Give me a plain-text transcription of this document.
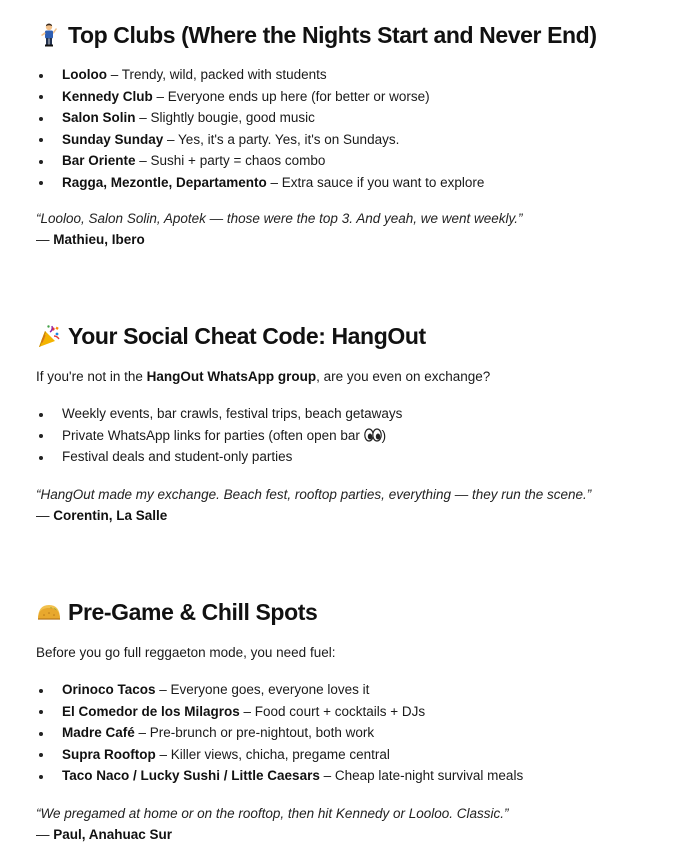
Top Clubs (Where the Nights Start and Never End)
Looloo – Trendy, wild, packed with students
Kennedy Club – Everyone ends up here (for better or worse)
Salon Solin – Slightly bougie, good music
Sunday Sunday – Yes, it's a party. Yes, it's on Sundays.
Bar Oriente – Sushi + party = chaos combo
Ragga, Mezontle, Departamento – Extra sauce if you want to explore

“Looloo, Salon Solin, Apotek — those were the top 3. And yeah, we went weekly.”

— Mathieu, Ibero

Your Social Cheat Code: HangOut

If you're not in the HangOut WhatsApp group, are you even on exchange?

Weekly events, bar crawls, festival trips, beach getaways
Private WhatsApp links for parties (often open bar )
Festival deals and student-only parties

“HangOut made my exchange. Beach fest, rooftop parties, everything — they run the scene.”

— Corentin, La Salle

Pre-Game & Chill Spots

Before you go full reggaeton mode, you need fuel:

Orinoco Tacos – Everyone goes, everyone loves it
El Comedor de los Milagros – Food court + cocktails + DJs
Madre Café – Pre-brunch or pre-nightout, both work
Supra Rooftop – Killer views, chicha, pregame central
Taco Naco / Lucky Sushi / Little Caesars – Cheap late-night survival meals

“We pregamed at home or on the rooftop, then hit Kennedy or Looloo. Classic.”

— Paul, Anahuac Sur
